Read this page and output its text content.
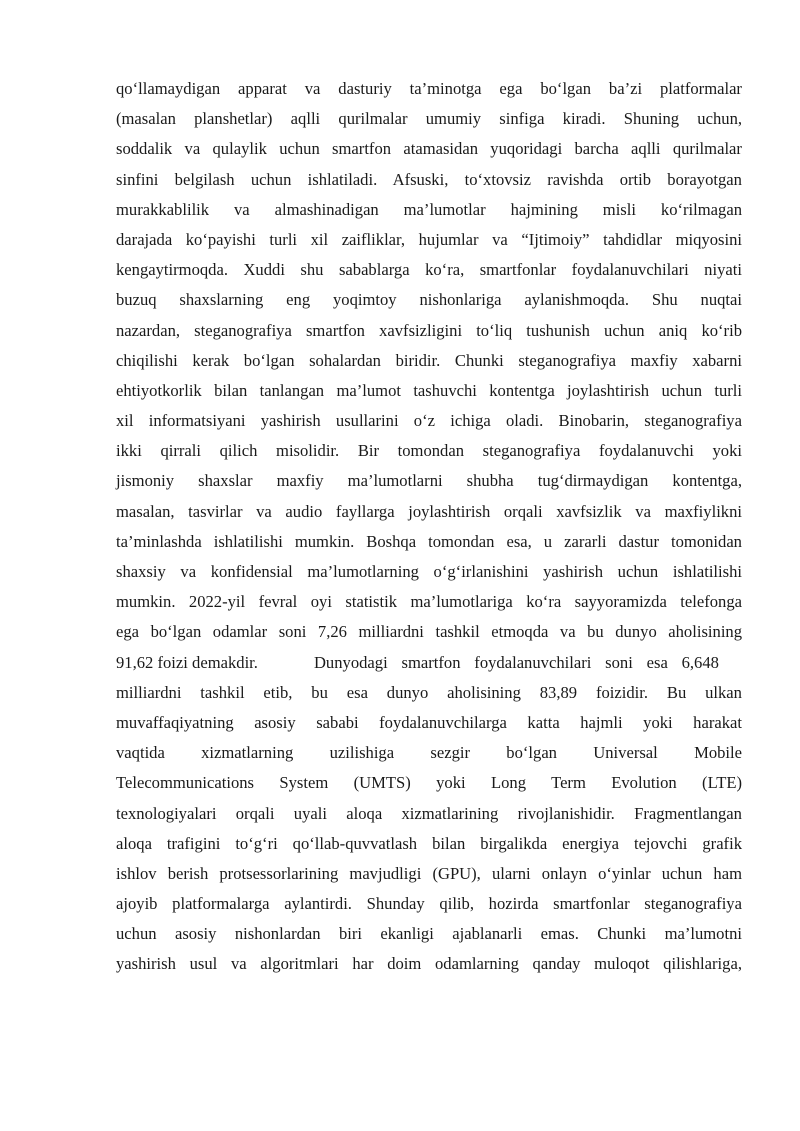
qo‘llamaydigan apparat va dasturiy ta’minotga ega bo‘lgan ba’zi platformalar
(masalan planshetlar) aqlli qurilmalar umumiy sinfiga kiradi. Shuning uchun,
soddalik va qulaylik uchun smartfon atamasidan yuqoridagi barcha aqlli qurilmalar
sinfini belgilash uchun ishlatiladi. Afsuski, to‘xtovsiz ravishda ortib borayotgan
murakkablilik va almashinadigan ma’lumotlar hajmining misli ko‘rilmagan
darajada ko‘payishi turli xil zaifliklar, hujumlar va “Ijtimoiy” tahdidlar miqyosini
kengaytirmoqda. Xuddi shu sabablarga ko‘ra, smartfonlar foydalanuvchilari niyati
buzuq shaxslarning eng yoqimtoy nishonlariga aylanishmoqda. Shu nuqtai
nazardan, steganografiya smartfon xavfsizligini to‘liq tushunish uchun aniq ko‘rib
chiqilishi kerak bo‘lgan sohalardan biridir. Chunki steganografiya maxfiy xabarni
ehtiyotkorlik bilan tanlangan ma’lumot tashuvchi kontentga joylashtirish uchun turli
xil informatsiyani yashirish usullarini o‘z ichiga oladi. Binobarin, steganografiya
ikki qirrali qilich misolidir. Bir tomondan steganografiya foydalanuvchi yoki
jismoniy shaxslar maxfiy ma’lumotlarni shubha tug‘dirmaydigan kontentga,
masalan, tasvirlar va audio fayllarga joylashtirish orqali xavfsizlik va maxfiylikni
ta’minlashda ishlatilishi mumkin. Boshqa tomondan esa, u zararli dastur tomonidan
shaxsiy va konfidensial ma’lumotlarning o‘g‘irlanishini yashirish uchun ishlatilishi
mumkin. 2022-yil fevral oyi statistik ma’lumotlariga ko‘ra sayyoramizda telefonga
ega bo‘lgan odamlar soni 7,26 milliardni tashkil etmoqda va bu dunyo aholisining
91,62 foizi demakdir.	Dunyodagi smartfon foydalanuvchilari soni esa 6,648
milliardni tashkil etib, bu esa dunyo aholisining 83,89 foizidir. Bu ulkan
muvaffaqiyatning asosiy sababi foydalanuvchilarga katta hajmli yoki harakat
vaqtida xizmatlarning uzilishiga sezgir bo‘lgan Universal Mobile
Telecommunications System (UMTS) yoki Long Term Evolution (LTE)
texnologiyalari orqali uyali aloqa xizmatlarining rivojlanishidir. Fragmentlangan
aloqa trafigini to‘g‘ri qo‘llab-quvvatlash bilan birgalikda energiya tejovchi grafik
ishlov berish protsessorlarining mavjudligi (GPU), ularni onlayn o‘yinlar uchun ham
ajoyib platformalarga aylantirdi. Shunday qilib, hozirda smartfonlar steganografiya
uchun asosiy nishonlardan biri ekanligi ajablanarli emas. Chunki ma’lumotni
yashirish usul va algoritmlari har doim odamlarning qanday muloqot qilishlariga,
